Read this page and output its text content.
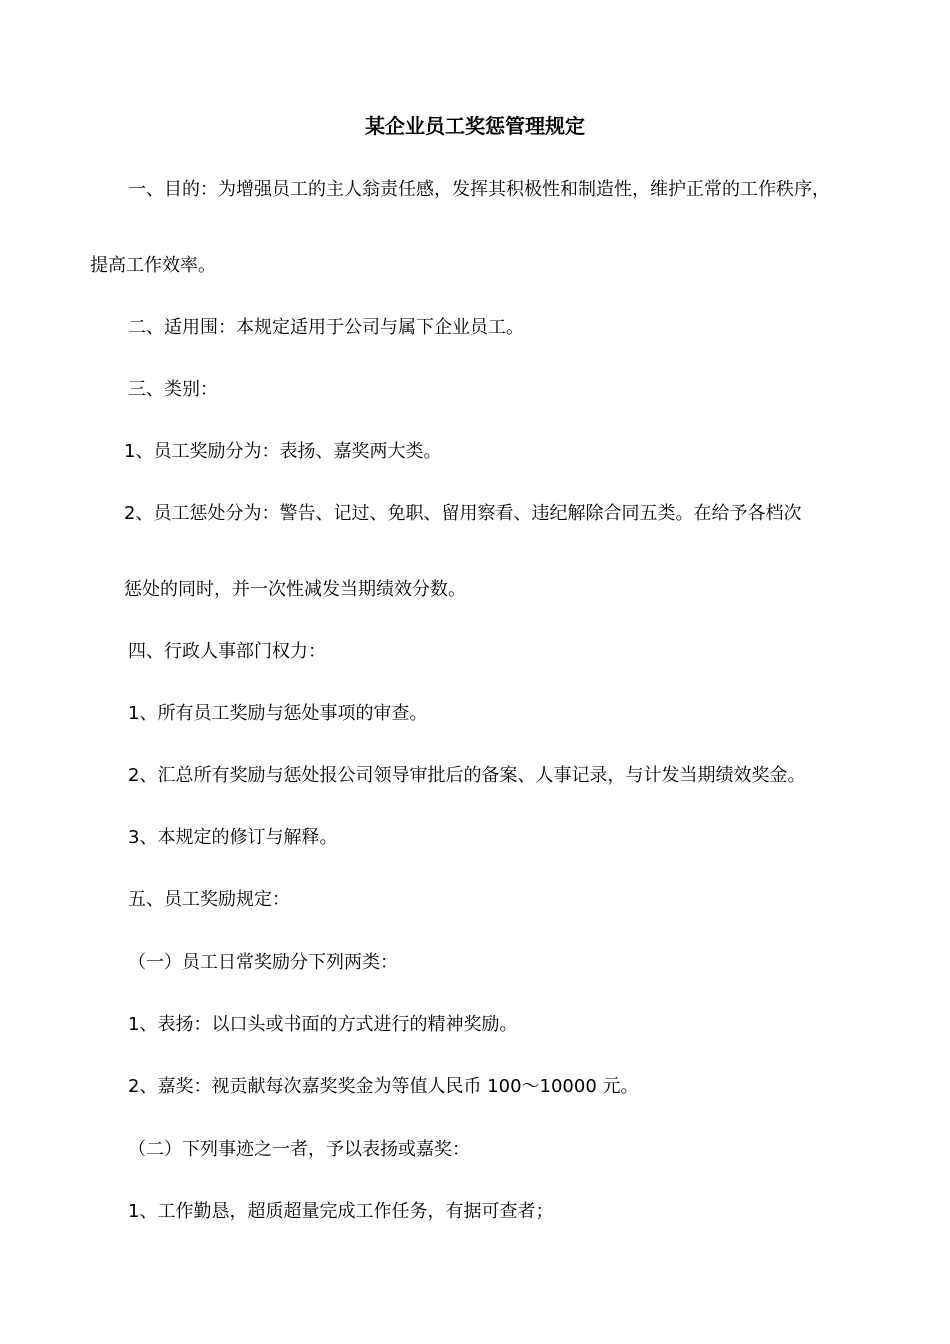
某企业员工奖惩管理规定
一、目的：为增强员工的主人翁责任感，发挥其积极性和制造性，维护正常的工作秩序，
提高工作效率。
二、适用围：本规定适用于公司与属下企业员工。
三、类别：
1、员工奖励分为：表扬、嘉奖两大类。
2、员工惩处分为：警告、记过、免职、留用察看、违纪解除合同五类。在给予各档次
惩处的同时，并一次性减发当期绩效分数。
四、行政人事部门权力：
1、所有员工奖励与惩处事项的审查。
2、汇总所有奖励与惩处报公司领导审批后的备案、人事记录，与计发当期绩效奖金。
3、本规定的修订与解释。
五、员工奖励规定：
（一）员工日常奖励分下列两类：
1、表扬：以口头或书面的方式进行的精神奖励。
2、嘉奖：视贡献每次嘉奖奖金为等值人民币 100～10000 元。
（二）下列事迹之一者，予以表扬或嘉奖：
1、工作勤恳，超质超量完成工作任务，有据可查者；
